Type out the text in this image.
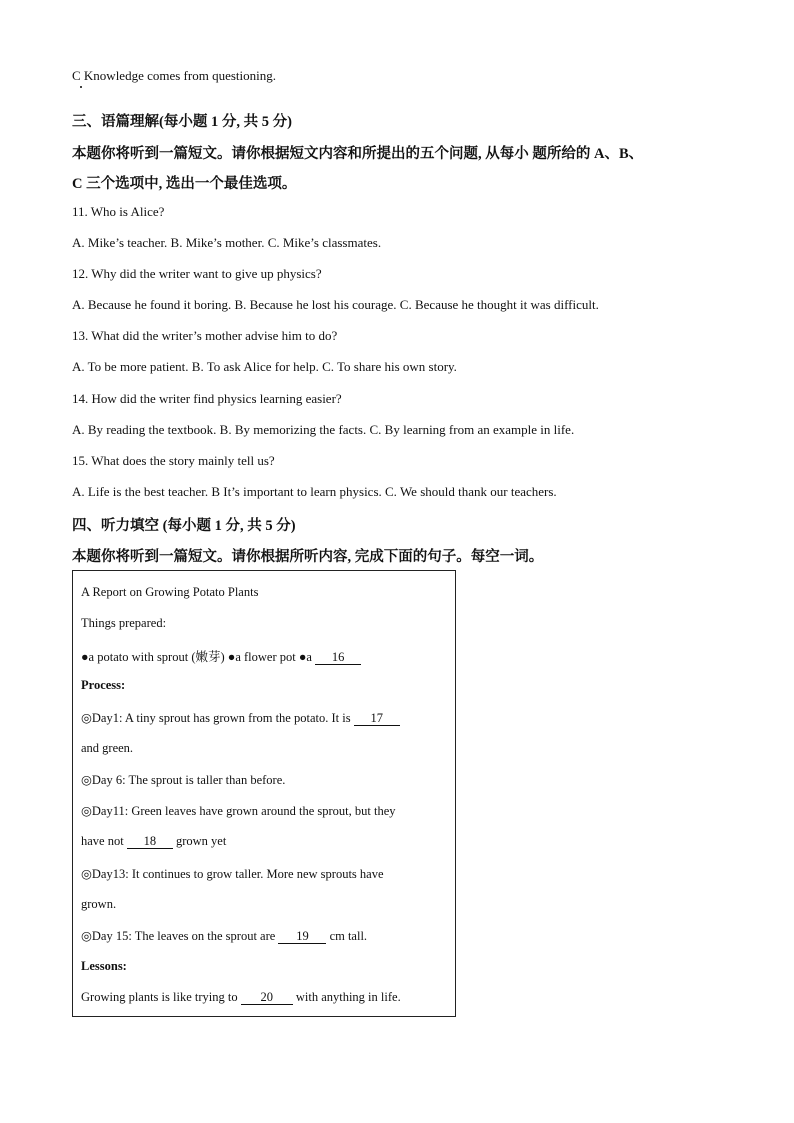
C Knowledge comes from questioning.
三、语篇理解(每小题 1 分, 共 5 分)
本题你将听到一篇短文。请你根据短文内容和所提出的五个问题, 从每小 题所给的 A、B、
C 三个选项中, 选出一个最佳选项。
11. Who is Alice?
A. Mike’s teacher. B. Mike’s mother. C. Mike’s classmates.
12. Why did the writer want to give up physics?
A. Because he found it boring. B. Because he lost his courage. C. Because he thought it was difficult.
13. What did the writer’s mother advise him to do?
A. To be more patient. B. To ask Alice for help. C. To share his own story.
14. How did the writer find physics learning easier?
A. By reading the textbook. B. By memorizing the facts. C. By learning from an example in life.
15. What does the story mainly tell us?
A. Life is the best teacher. B It’s important to learn physics. C. We should thank our teachers.
四、听力填空 (每小题 1 分, 共 5 分)
本题你将听到一篇短文。请你根据所听内容, 完成下面的句子。每空一词。
A Report on Growing Potato Plants
Things prepared:
●a potato with sprout (嫩芽) ●a flower pot ●a 16
Process:
◎Day1: A tiny sprout has grown from the potato. It is 17
and green.
◎Day 6: The sprout is taller than before.
◎Day11: Green leaves have grown around the sprout, but they
have not 18 grown yet
◎Day13: It continues to grow taller. More new sprouts have
grown.
◎Day 15: The leaves on the sprout are 19 cm tall.
Lessons:
Growing plants is like trying to 20 with anything in life.
